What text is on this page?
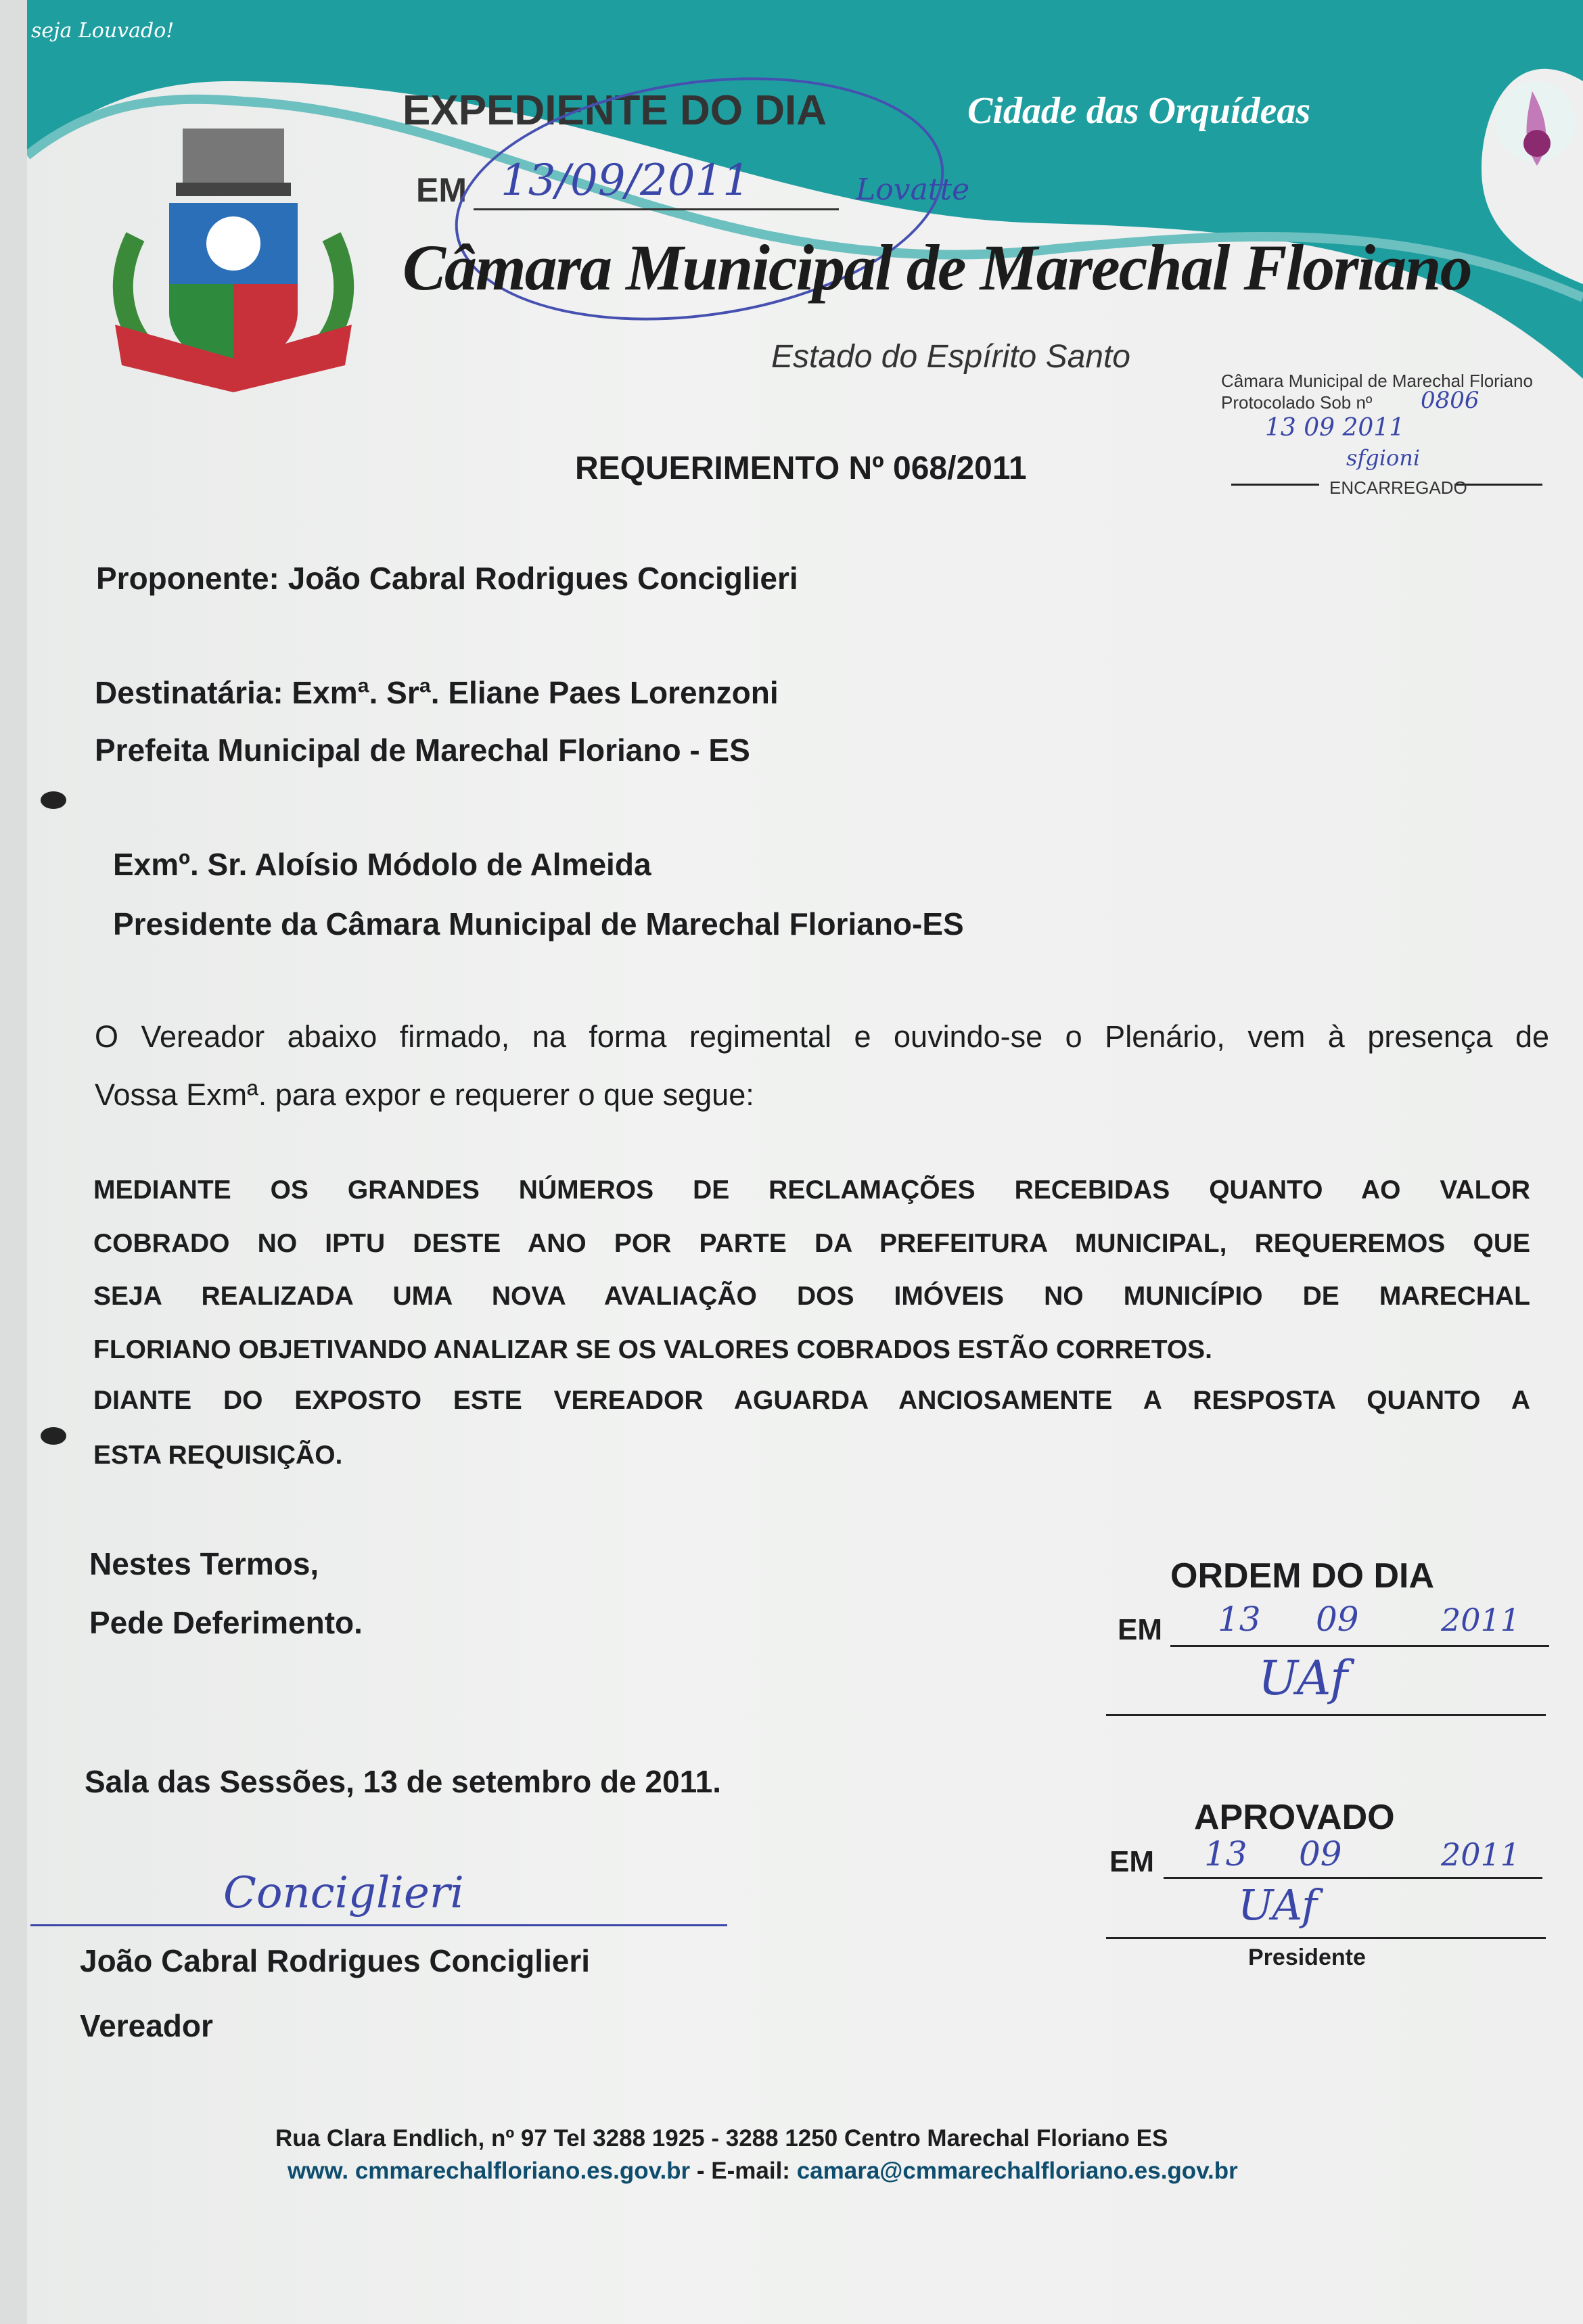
seja Louvado!
Cidade das Orquídeas
EXPEDIENTE DO DIA
EM 13/09/2011	Lovatte
Câmara Municipal de Marechal Floriano
Estado do Espírito Santo
Câmara Municipal de Marechal Floriano
Protocolado Sob nº 0806
13 09 2011
sfgioni
ENCARREGADO
REQUERIMENTO Nº 068/2011
Proponente: João Cabral Rodrigues Conciglieri
Destinatária: Exmª. Srª. Eliane Paes Lorenzoni
Prefeita Municipal de Marechal Floriano - ES
Exmº. Sr. Aloísio Módolo de Almeida
Presidente da Câmara Municipal de Marechal Floriano-ES
O Vereador abaixo firmado, na forma regimental e ouvindo-se o Plenário, vem à presença de
Vossa Exmª. para expor e requerer o que segue:
MEDIANTE OS GRANDES NÚMEROS DE RECLAMAÇÕES RECEBIDAS QUANTO AO VALOR
COBRADO NO IPTU DESTE ANO POR PARTE DA PREFEITURA MUNICIPAL, REQUEREMOS QUE
SEJA REALIZADA UMA NOVA AVALIAÇÃO DOS IMÓVEIS NO MUNICÍPIO DE MARECHAL
FLORIANO OBJETIVANDO ANALIZAR SE OS VALORES COBRADOS ESTÃO CORRETOS.
DIANTE DO EXPOSTO ESTE VEREADOR AGUARDA ANCIOSAMENTE A RESPOSTA QUANTO A
ESTA REQUISIÇÃO.
Nestes Termos,
Pede Deferimento.
Sala das Sessões, 13 de setembro de 2011.
Conciglieri
João Cabral Rodrigues Conciglieri
Vereador
ORDEM DO DIA
EM 13 09	2011
UAf
APROVADO
EM 13 09	2011
UAf
Presidente
Rua Clara Endlich, nº 97 Tel 3288 1925 - 3288 1250 Centro Marechal Floriano ES
www. cmmarechalfloriano.es.gov.br - E-mail: camara@cmmarechalfloriano.es.gov.br
